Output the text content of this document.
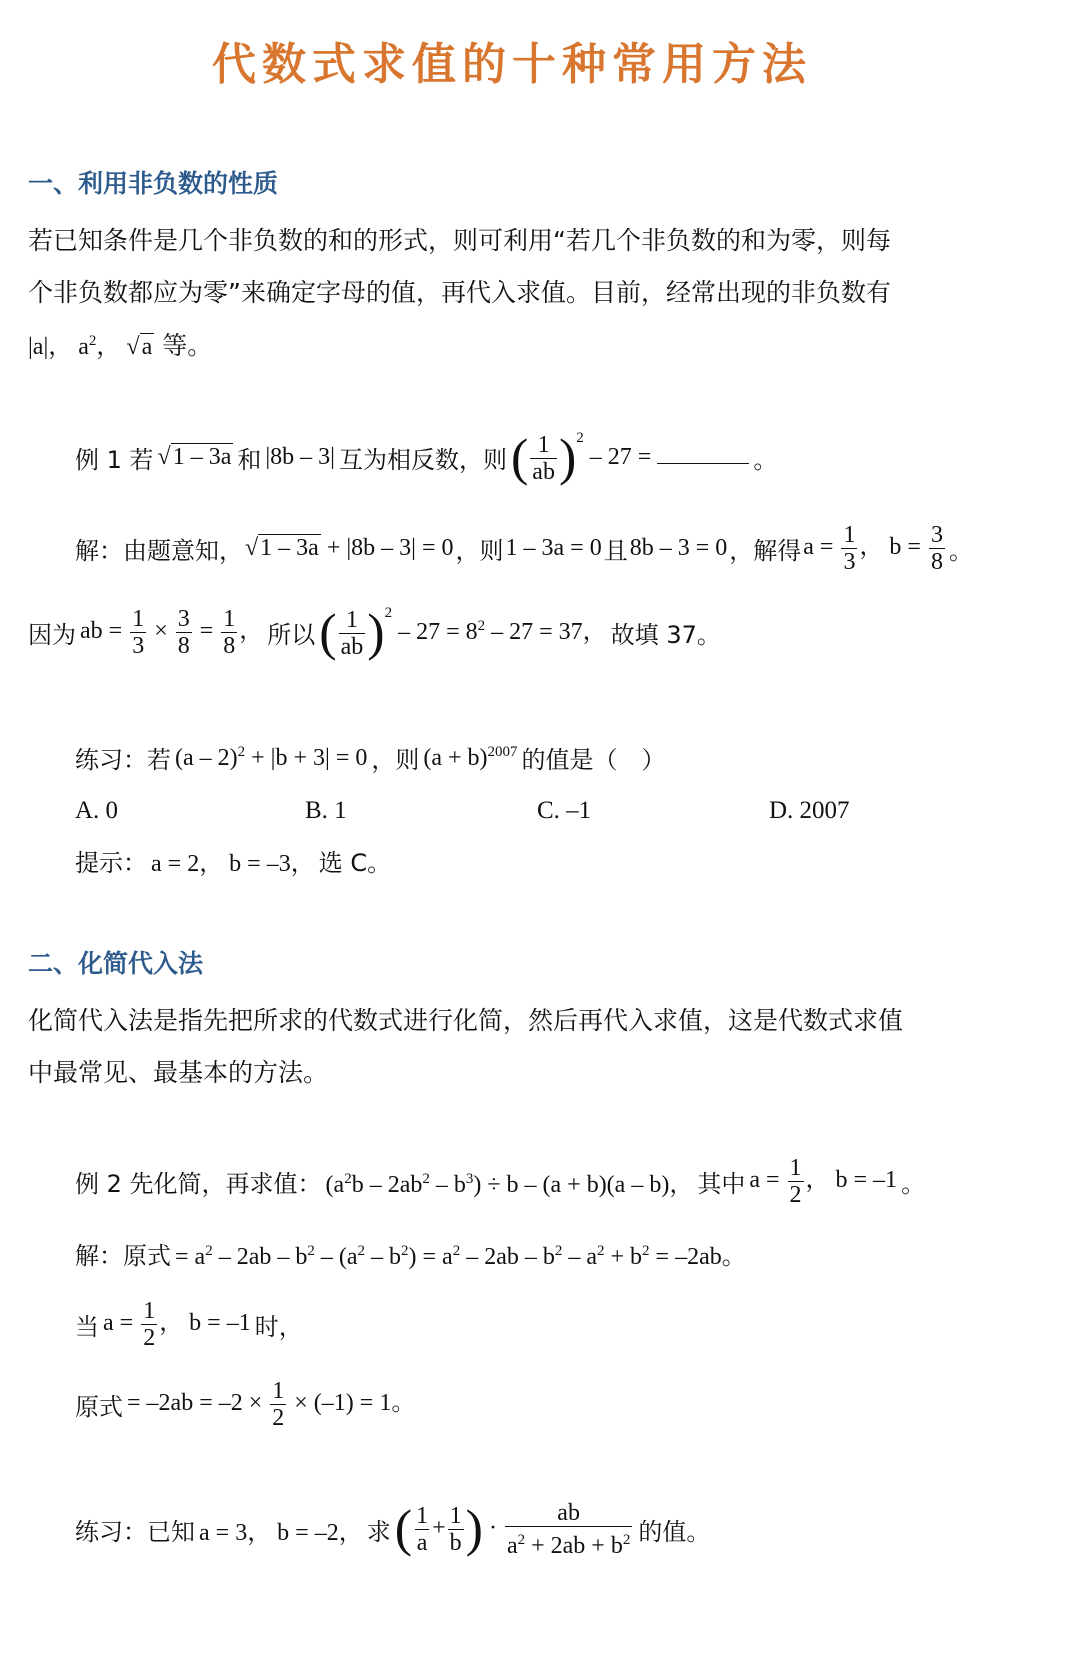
代数式求值的十种常用方法
一、利用非负数的性质
若已知条件是几个非负数的和的形式，则可利用“若几个非负数的和为零，则每
个非负数都应为零”来确定字母的值，再代入求值。目前，经常出现的非负数有
|a|， $a^2$， √a 等。
例 1 若 √1 – 3a 和 |8b – 3| 互为相反数，则 ( $\frac{1}{ab} )^2 - 27$ =	。
解：由题意知， √1 – 3a + |8b – 3| = 0 ，则 1 – 3a = 0 且 8b – 3 = 0 ，解得 $a = \frac{1}{3}$ ， $b = \frac{3}{8}$ 。
因为 ab = $\frac{1}{3} \times \frac{3}{8} = \frac{1}{8}$ ， 所以 ( $\frac{1}{ab} )^2 - 27 = 8^2 - 27 = 37$， 故填 37。
练习：若 (a – 2)$^2$ + |b + 3| = 0 ，则 $(a + b)^{2007}$ 的值是（　）
A. 0	B. 1	C. –1	D. 2007
提示： a = 2， b = –3， 选 C。
二、化简代入法
化简代入法是指先把所求的代数式进行化简，然后再代入求值，这是代数式求值
中最常见、最基本的方法。
例 2 先化简，再求值： $(a^2b - 2ab^2 - b^3) \div b - (a + b)(a - b)$， 其中 $a = \frac{1}{2}$ ， b = –1 。
解：原式 = $a^2 - 2ab - b^2 - (a^2 - b^2) = a^2 - 2ab - b^2 - a^2 + b^2 = -2ab$。
当 $a = \frac{1}{2}$ ， b = –1 时，
原式 = $-2ab = -2 \times \frac{1}{2} \times (-1) = 1$。
练习：已知 a = 3， b = –2， 求 ( $\frac{1}{a} + \frac{1}{b}$ ) · $\frac{ab}{a^2 + 2ab + b^2}$ 的值。
